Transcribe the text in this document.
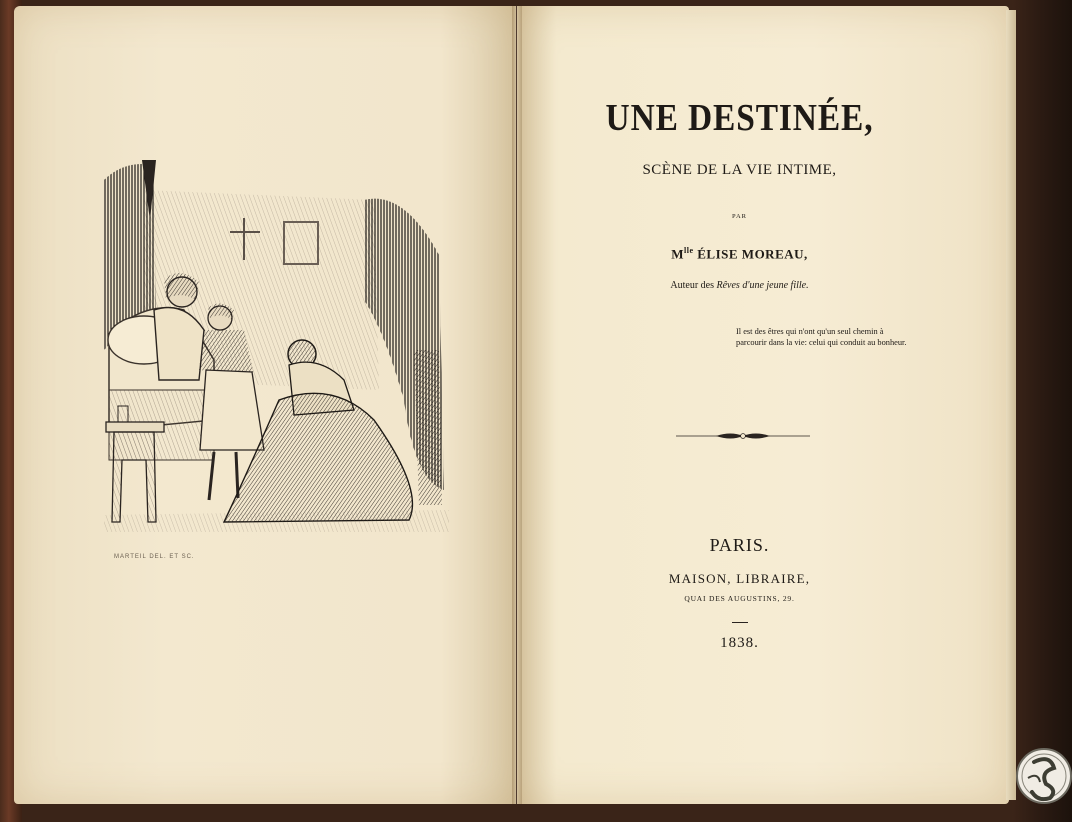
MARTEIL DEL. ET SC.
UNE DESTINÉE,
SCÈNE DE LA VIE INTIME,
PAR
$M^{lle}$ ÉLISE MOREAU,
Auteur des Rêves d'une jeune fille.
Il est des êtres qui n'ont qu'un seul chemin à parcourir dans la vie: celui qui conduit au bonheur.
PARIS.
MAISON, LIBRAIRE,
QUAI DES AUGUSTINS, 29.
1838.
